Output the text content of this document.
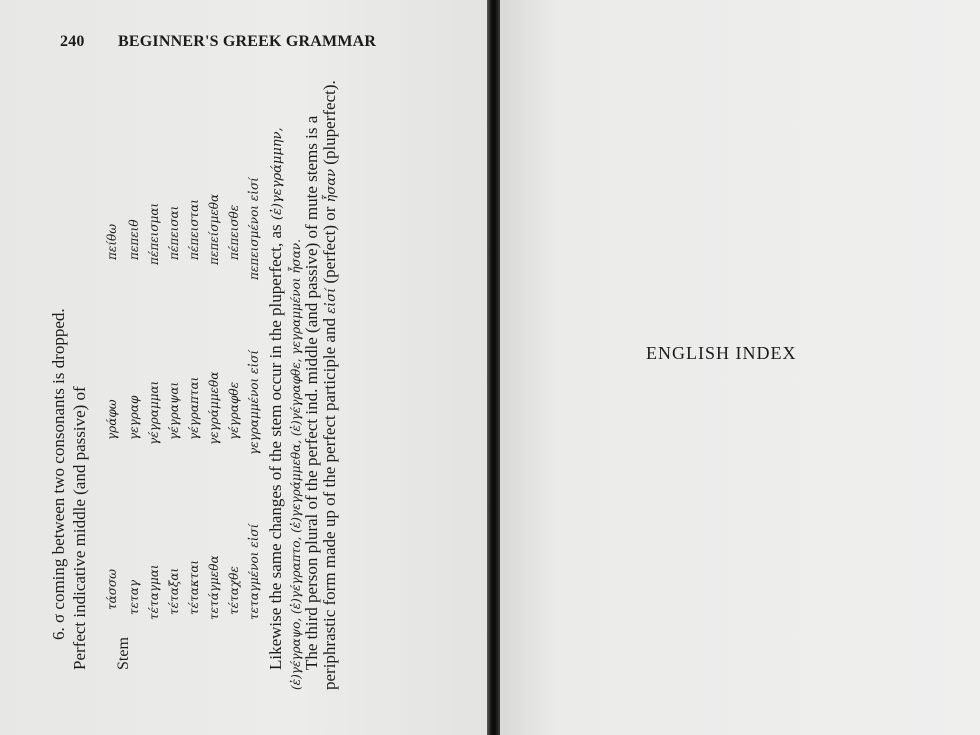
240 BEGINNER'S GREEK GRAMMAR
6. σ coming between two consonants is dropped. Perfect indicative middle (and passive) of τάσσω
γράφω
πείθω
Stem
τεταγ
γεγραφ
πεπειθ
τέταγμαι
γέγραμμαι
πέπεισμαι
τέταξαι
γέγραψαι
πέπεισαι
τέτακται
γέγραπται
πέπεισται
τετάγμεθα
γεγράμμεθα
πεπείσμεθα
τέταχθε
γέγραφθε
πέπεισθε
τεταγμένοι εἰσί
γεγραμμένοι εἰσί
πεπεισμένοι εἰσί Likewise the same changes of the stem occur in the pluperfect, as (ἐ)γεγράμμην,
(ἐ)γέγραψο, (ἐ)γέγραπτο, (ἐ)γεγράμμεθα, (ἐ)γέγραφθε, γεγραμμένοι ἦσαν. The third person plural of the perfect ind. middle (and passive) of mute stems is a periphrastic form made up of the perfect participle and εἰσί (perfect) or ἦσαν (pluperfect).
ENGLISH INDEX
